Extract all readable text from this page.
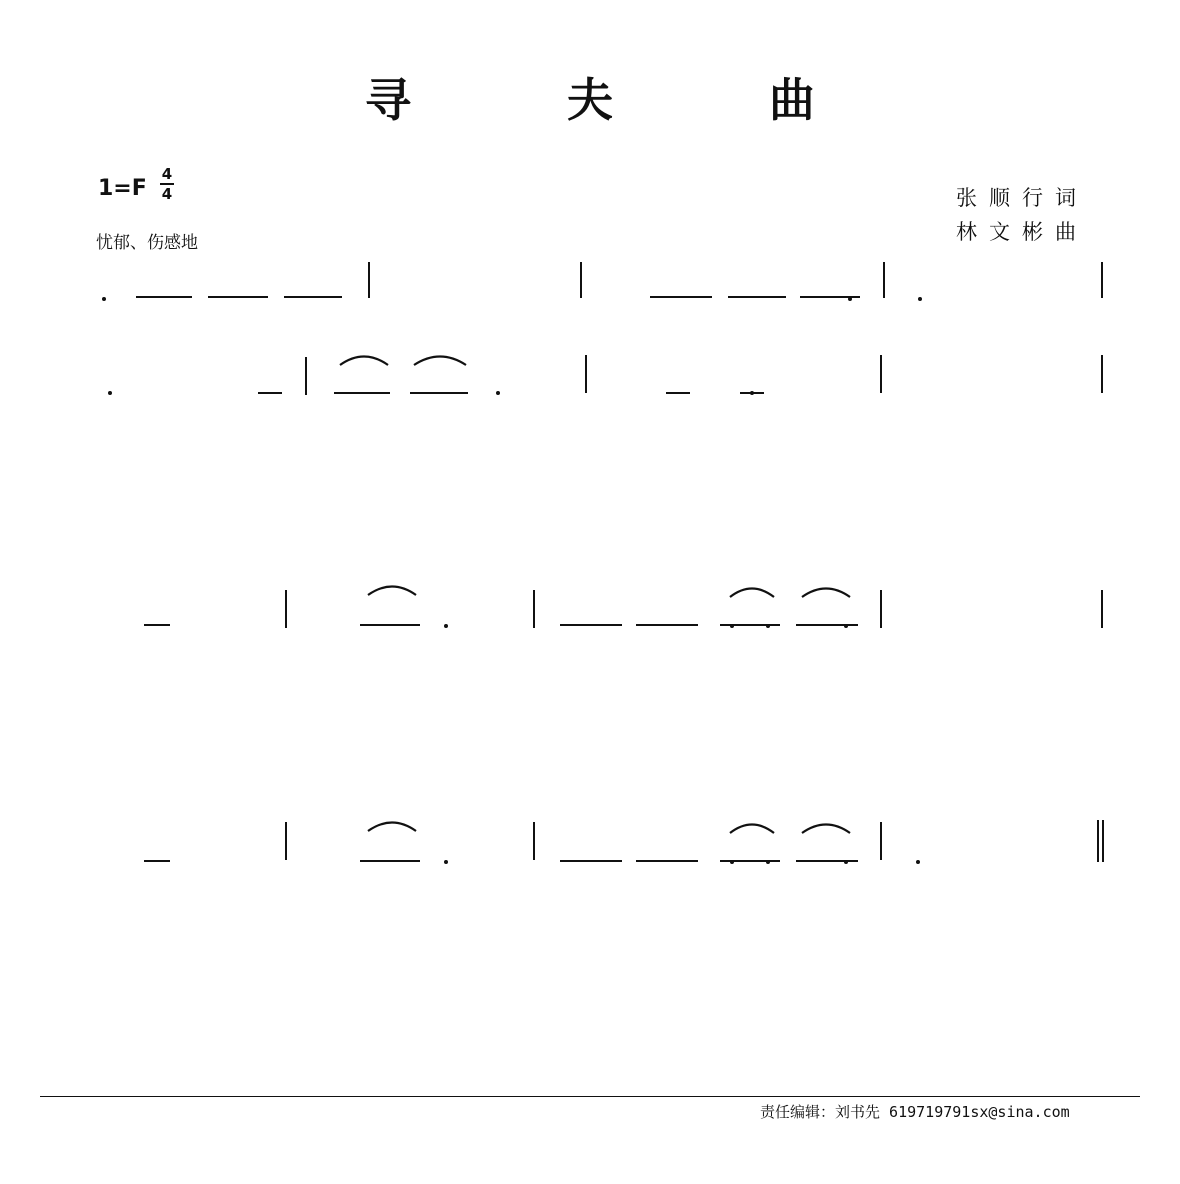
寻 夫 曲
1=F
4
4
忧郁、伤感地
张顺行词
林文彬曲
责任编辑：刘书先 619719791sx@sina.com
